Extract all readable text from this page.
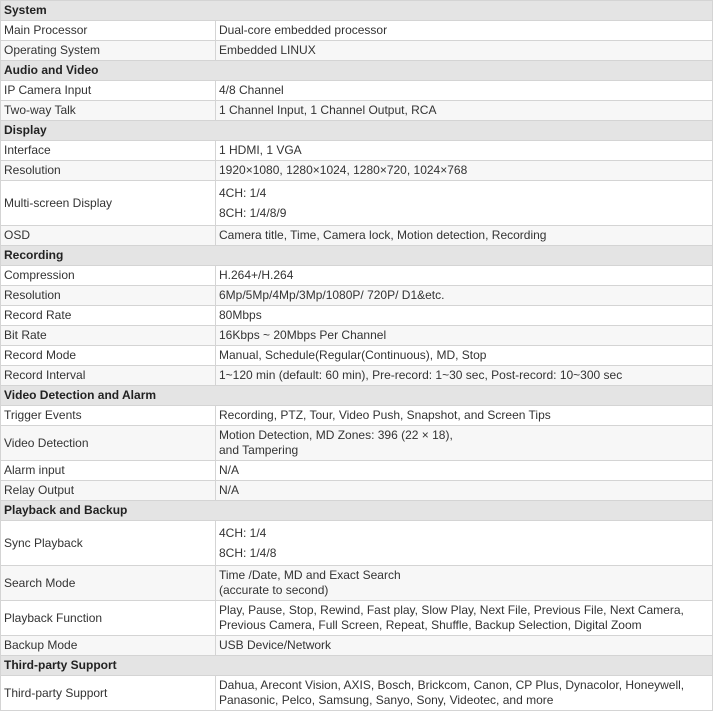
System	
Main Processor	Dual-core embedded processor

Operating System	Embedded LINUX

Audio and Video	
IP Camera Input	4/8 Channel

Two-way Talk	1 Channel Input, 1 Channel Output, RCA

Display	
Interface	1 HDMI, 1 VGA

Resolution	1920×1080, 1280×1024, 1280×720, 1024×768

Multi-screen Display	4CH: 1/4
8CH: 1/4/8/9

OSD	Camera title, Time, Camera lock, Motion detection, Recording

Recording	
Compression	H.264+/H.264

Resolution	6Mp/5Mp/4Mp/3Mp/1080P/ 720P/ D1&etc.

Record Rate	80Mbps

Bit Rate	16Kbps ~ 20Mbps Per Channel

Record Mode	Manual, Schedule(Regular(Continuous), MD, Stop

Record Interval	1~120 min (default: 60 min), Pre-record: 1~30 sec, Post-record: 10~300 sec

Video Detection and Alarm	
Trigger Events	Recording, PTZ, Tour, Video Push, Snapshot, and Screen Tips

Video Detection	Motion Detection, MD Zones: 396 (22 × 18),
and Tampering

Alarm input	N/A

Relay Output	N/A

Playback and Backup	
Sync Playback	4CH: 1/4
8CH: 1/4/8

Search Mode	Time /Date, MD and Exact Search
(accurate to second)

Playback Function	Play, Pause, Stop, Rewind, Fast play, Slow Play, Next File, Previous File, Next Camera,
Previous Camera, Full Screen, Repeat, Shuffle, Backup Selection, Digital Zoom

Backup Mode	USB Device/Network

Third-party Support	
Third-party Support	Dahua, Arecont Vision, AXIS, Bosch, Brickcom, Canon, CP Plus, Dynacolor, Honeywell,
Panasonic, Pelco, Samsung, Sanyo, Sony, Videotec, and more
